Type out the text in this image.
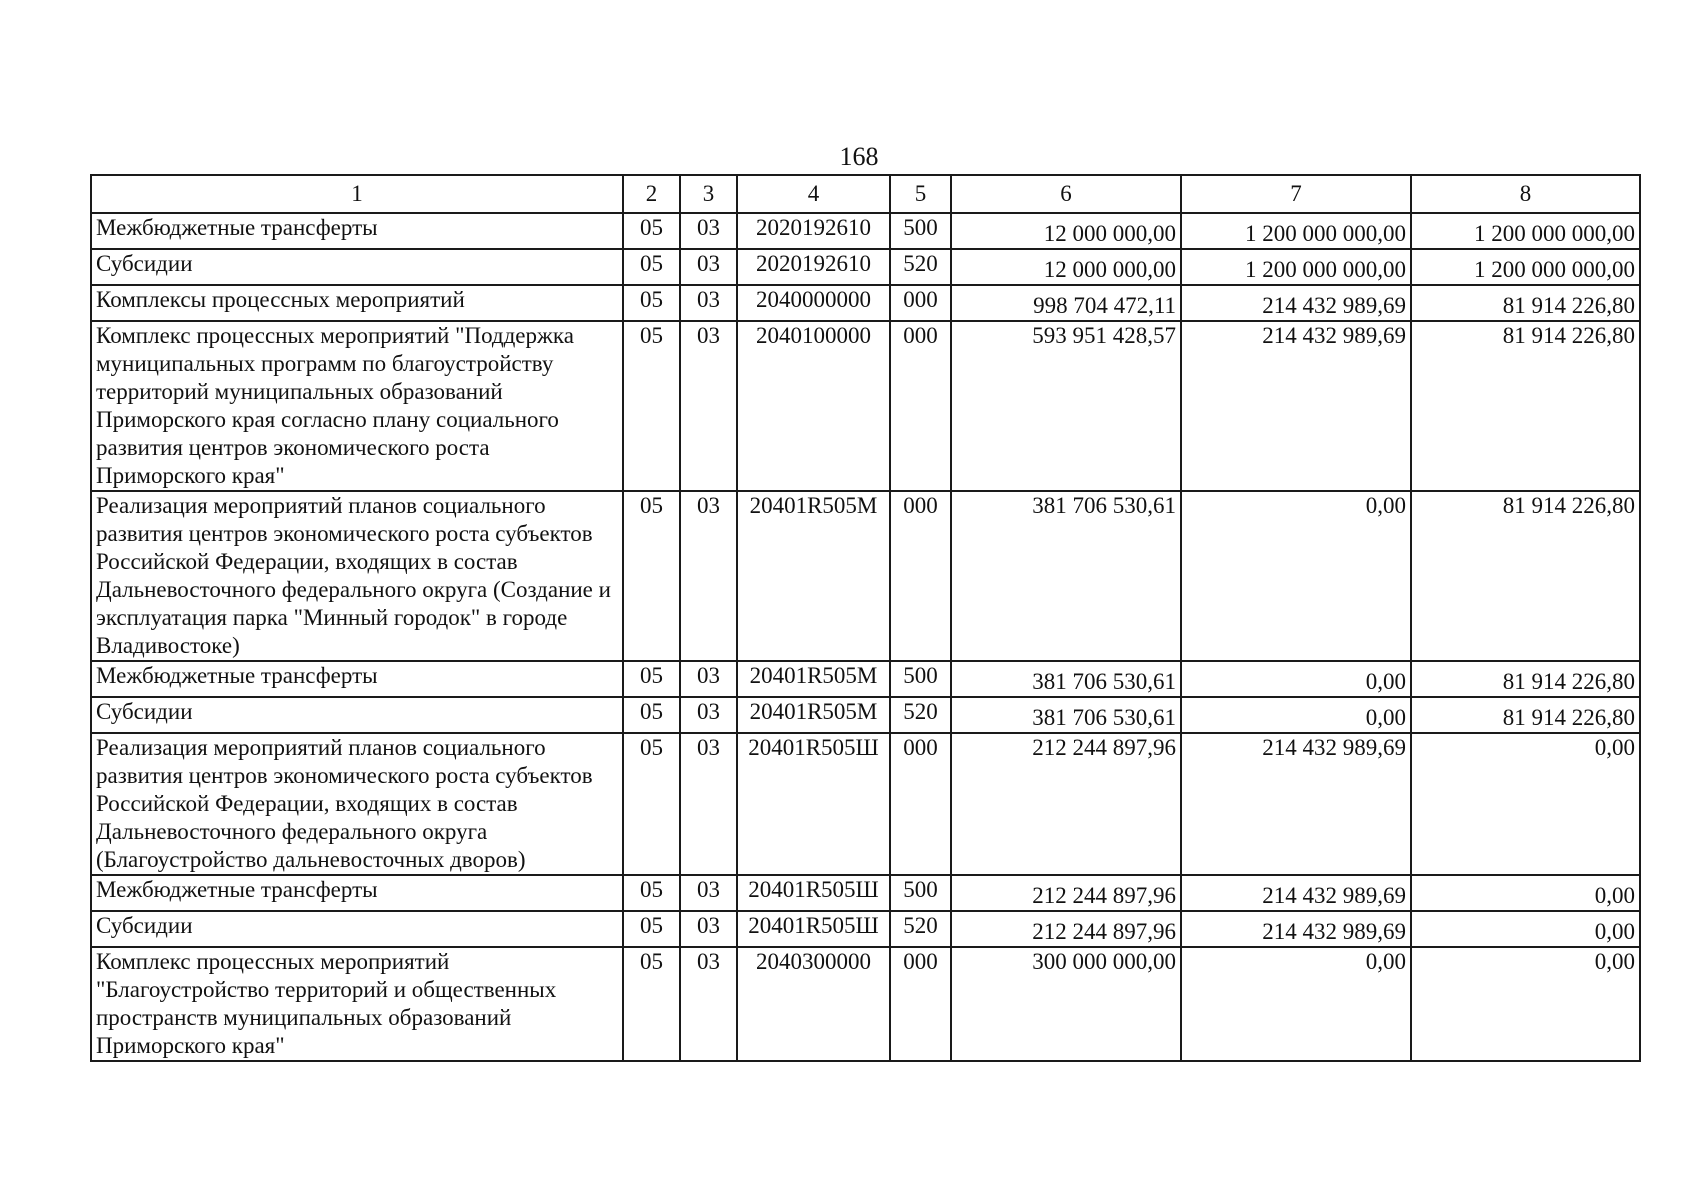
168
1	2	3	4	5	6	7	8
Межбюджетные трансферты	05	03	2020192610	500	12 000 000,00	1 200 000 000,00	1 200 000 000,00
Субсидии	05	03	2020192610	520	12 000 000,00	1 200 000 000,00	1 200 000 000,00
Комплексы процессных мероприятий	05	03	2040000000	000	998 704 472,11	214 432 989,69	81 914 226,80
Комплекс процессных мероприятий "Поддержка муниципальных программ по благоустройству территорий муниципальных образований Приморского края согласно плану социального развития центров экономического роста Приморского края"	05	03	2040100000	000	593 951 428,57	214 432 989,69	81 914 226,80
Реализация мероприятий планов социального развития центров экономического роста субъектов Российской Федерации, входящих в состав Дальневосточного федерального округа (Создание и эксплуатация парка "Минный городок" в городе Владивостоке)	05	03	20401R505M	000	381 706 530,61	0,00	81 914 226,80
Межбюджетные трансферты	05	03	20401R505M	500	381 706 530,61	0,00	81 914 226,80
Субсидии	05	03	20401R505M	520	381 706 530,61	0,00	81 914 226,80
Реализация мероприятий планов социального развития центров экономического роста субъектов Российской Федерации, входящих в состав Дальневосточного федерального округа (Благоустройство дальневосточных дворов)	05	03	20401R505Ш	000	212 244 897,96	214 432 989,69	0,00
Межбюджетные трансферты	05	03	20401R505Ш	500	212 244 897,96	214 432 989,69	0,00
Субсидии	05	03	20401R505Ш	520	212 244 897,96	214 432 989,69	0,00
Комплекс процессных мероприятий "Благоустройство территорий и общественных пространств муниципальных образований Приморского края"	05	03	2040300000	000	300 000 000,00	0,00	0,00
